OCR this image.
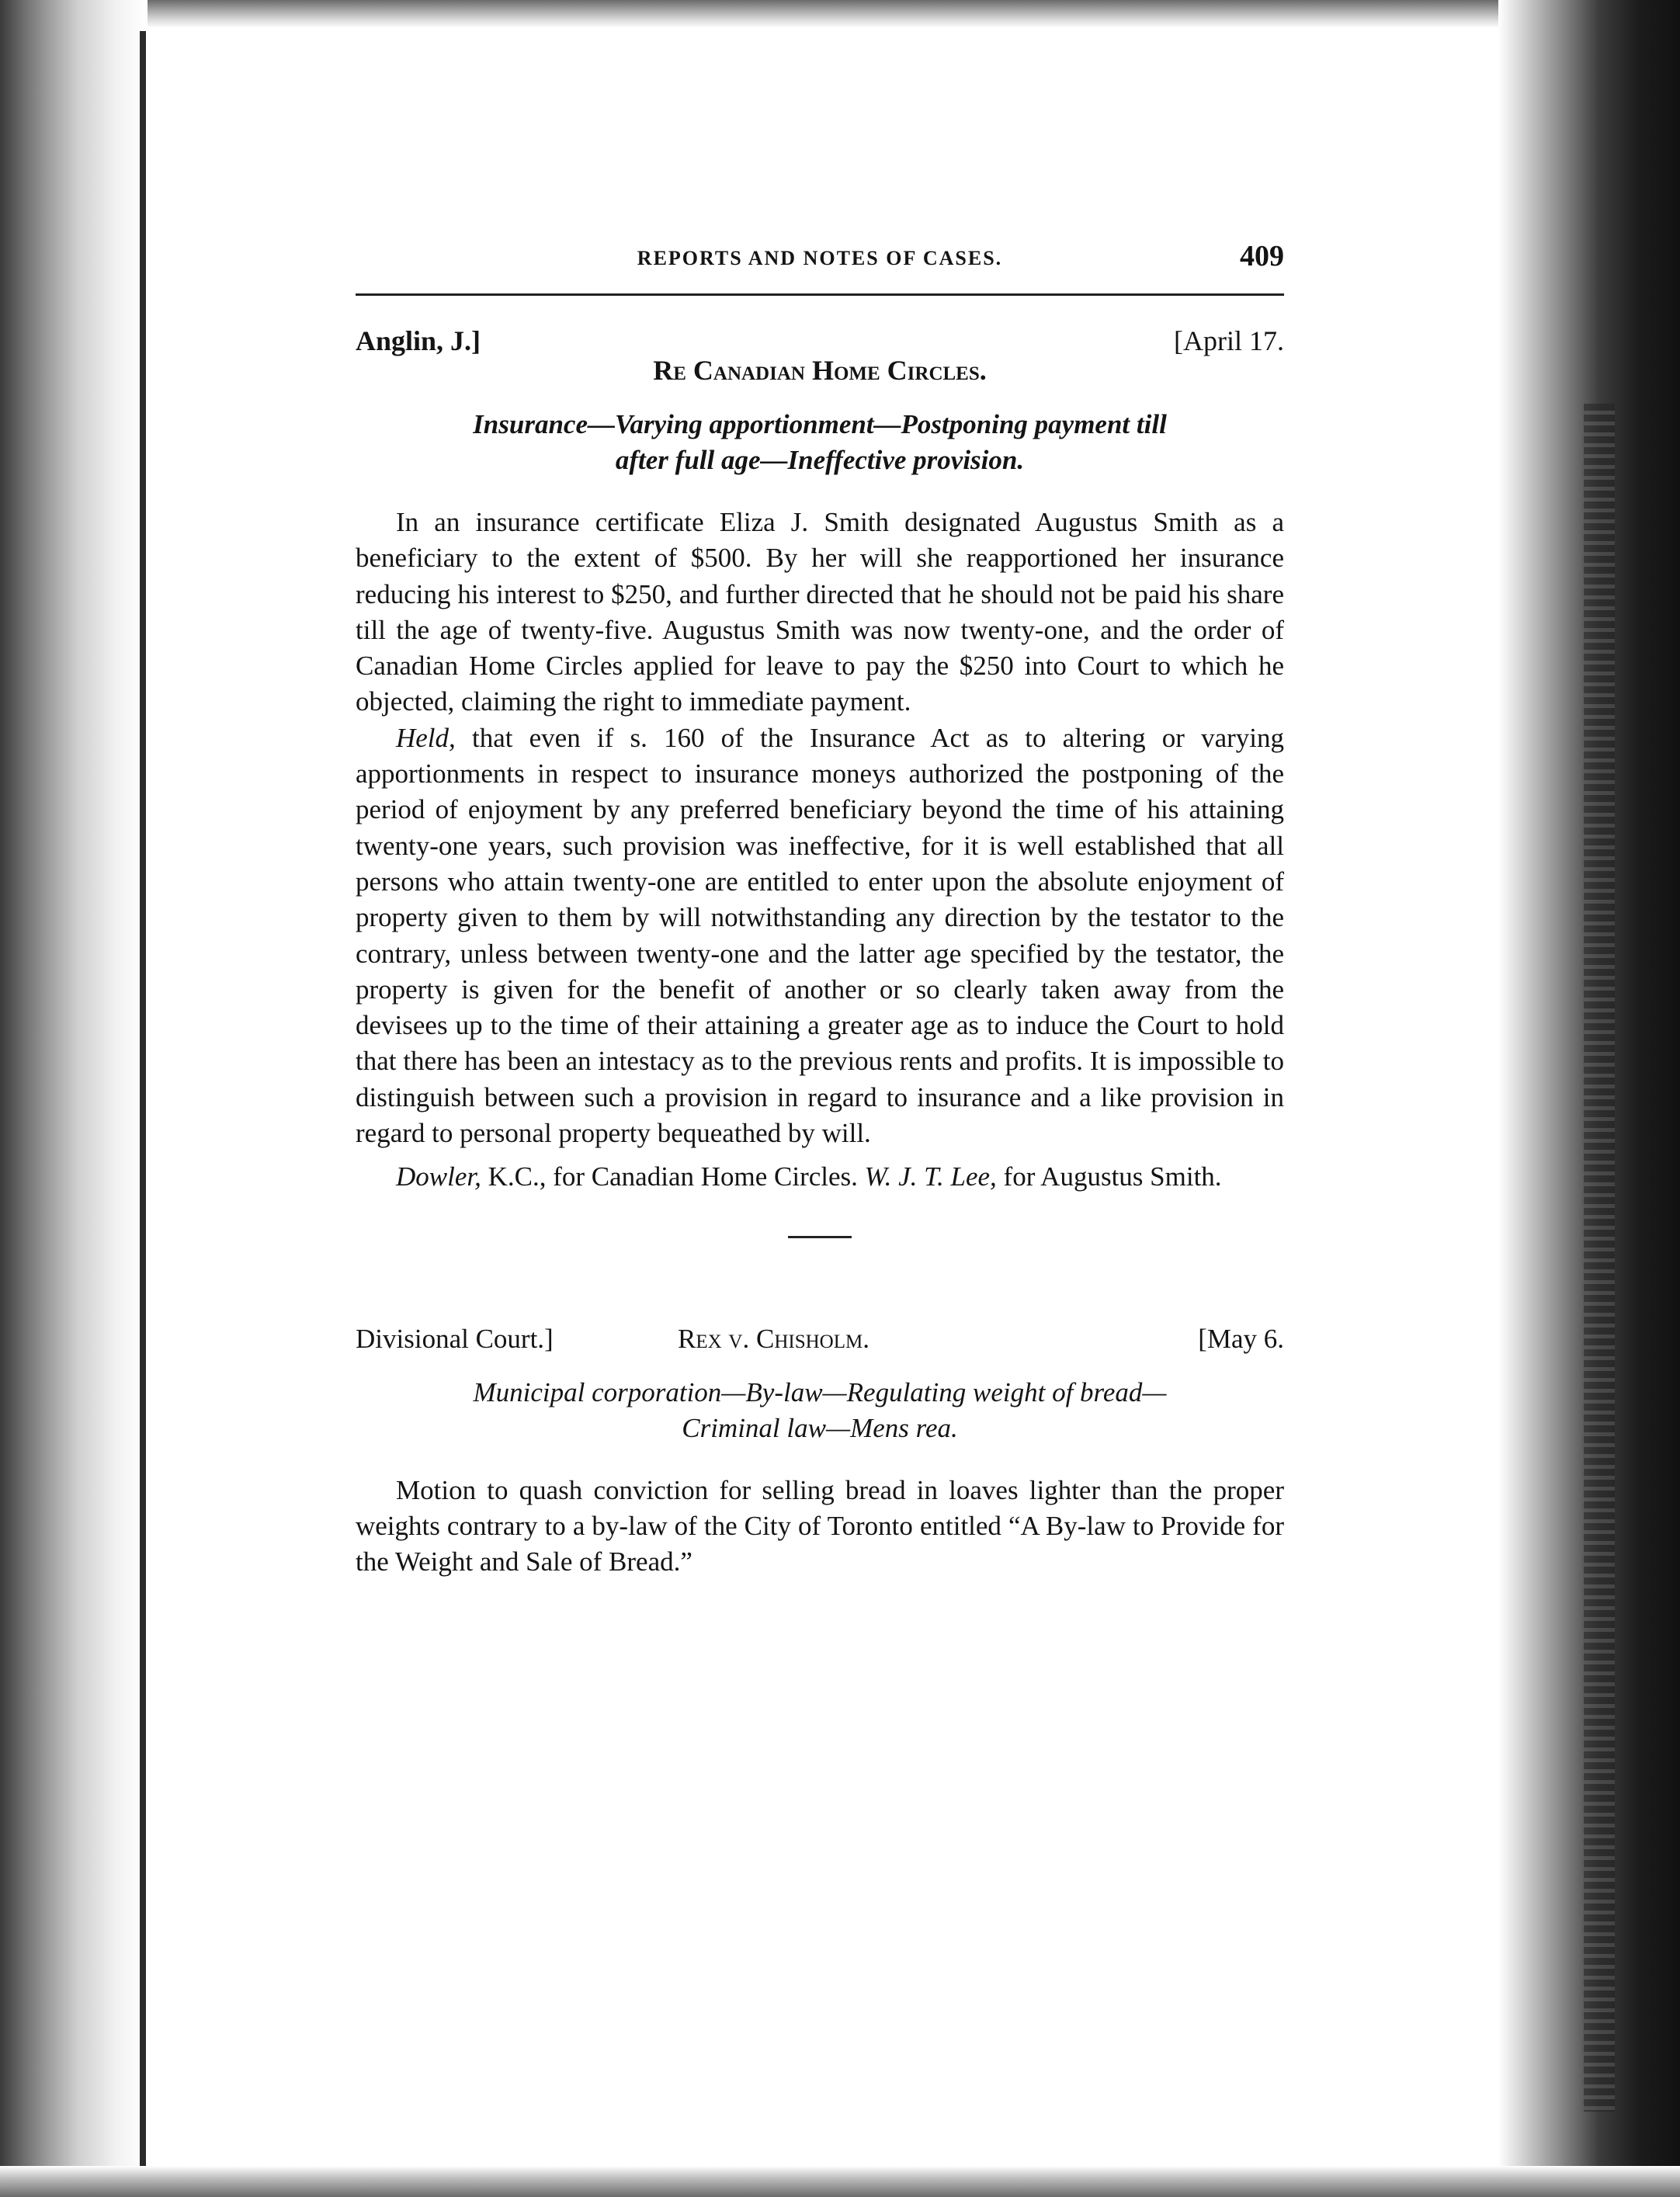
REPORTS AND NOTES OF CASES.	409
Anglin, J.]	[April 17.
Re Canadian Home Circles.
Insurance—Varying apportionment—Postponing payment till
after full age—Ineffective provision.

In an insurance certificate Eliza J. Smith designated Augustus Smith as a beneficiary to the extent of $500. By her will she reapportioned her insurance reducing his interest to $250, and further directed that he should not be paid his share till the age of twenty-five. Augustus Smith was now twenty-one, and the order of Canadian Home Circles applied for leave to pay the $250 into Court to which he objected, claiming the right to immediate payment.

Held, that even if s. 160 of the Insurance Act as to altering or varying apportionments in respect to insurance moneys authorized the postponing of the period of enjoyment by any preferred beneficiary beyond the time of his attaining twenty-one years, such provision was ineffective, for it is well established that all persons who attain twenty-one are entitled to enter upon the absolute enjoyment of property given to them by will notwithstanding any direction by the testator to the contrary, unless between twenty-one and the latter age specified by the testator, the property is given for the benefit of another or so clearly taken away from the devisees up to the time of their attaining a greater age as to induce the Court to hold that there has been an intestacy as to the previous rents and profits. It is impossible to distinguish between such a provision in regard to insurance and a like provision in regard to personal property bequeathed by will.

Dowler, K.C., for Canadian Home Circles. W. J. T. Lee, for Augustus Smith.

Divisional Court.]	Rex v. Chisholm.	[May 6.
Municipal corporation—By-law—Regulating weight of bread—
Criminal law—Mens rea.

Motion to quash conviction for selling bread in loaves lighter than the proper weights contrary to a by-law of the City of Toronto entitled “A By-law to Provide for the Weight and Sale of Bread.”
